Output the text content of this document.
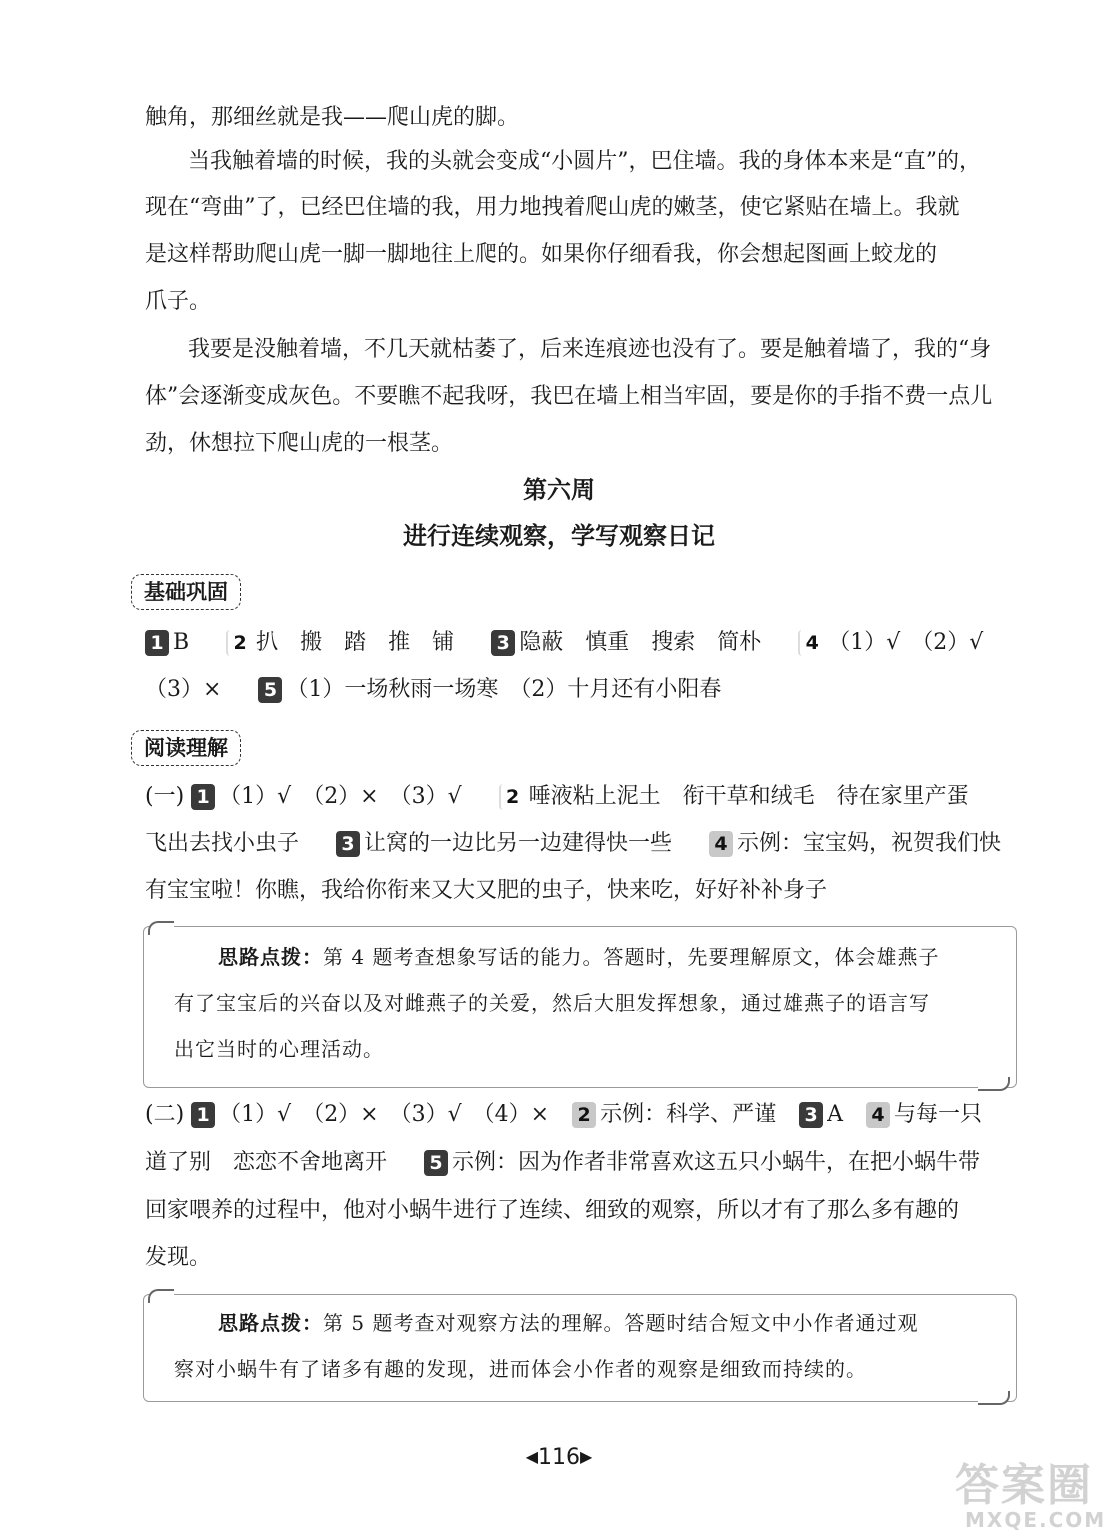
触角，那细丝就是我——爬山虎的脚。
当我触着墙的时候，我的头就会变成“小圆片”，巴住墙。我的身体本来是“直”的，
现在“弯曲”了，已经巴住墙的我，用力地拽着爬山虎的嫩茎，使它紧贴在墙上。我就
是这样帮助爬山虎一脚一脚地往上爬的。如果你仔细看我，你会想起图画上蛟龙的
爪子。
我要是没触着墙，不几天就枯萎了，后来连痕迹也没有了。要是触着墙了，我的“身
体”会逐渐变成灰色。不要瞧不起我呀，我巴在墙上相当牢固，要是你的手指不费一点儿
劲，休想拉下爬山虎的一根茎。
第六周
进行连续观察，学写观察日记
基础巩固
1 B 2 扒　搬　踏　推　铺 3 隐蔽　慎重　搜索　简朴 4 （1）√　（2）√
（3）× 5 （1）一场秋雨一场寒　（2）十月还有小阳春
阅读理解
(一) 1 （1）√　（2）×　（3）√ 2 唾液粘上泥土　衔干草和绒毛　待在家里产蛋
飞出去找小虫子 3 让窝的一边比另一边建得快一些 4 示例：宝宝妈，祝贺我们快
有宝宝啦！你瞧，我给你衔来又大又肥的虫子，快来吃，好好补补身子
思路点拨：第 4 题考查想象写话的能力。答题时，先要理解原文，体会雄燕子
有了宝宝后的兴奋以及对雌燕子的关爱，然后大胆发挥想象，通过雄燕子的语言写
出它当时的心理活动。
(二) 1 （1）√　（2）×　（3）√　（4）× 2 示例：科学、严谨 3 A 4 与每一只
道了别　恋恋不舍地离开 5 示例：因为作者非常喜欢这五只小蜗牛，在把小蜗牛带
回家喂养的过程中，他对小蜗牛进行了连续、细致的观察，所以才有了那么多有趣的
发现。
思路点拨：第 5 题考查对观察方法的理解。答题时结合短文中小作者通过观
察对小蜗牛有了诸多有趣的发现，进而体会小作者的观察是细致而持续的。
◀116▶
答案圈
MXQE.COM
